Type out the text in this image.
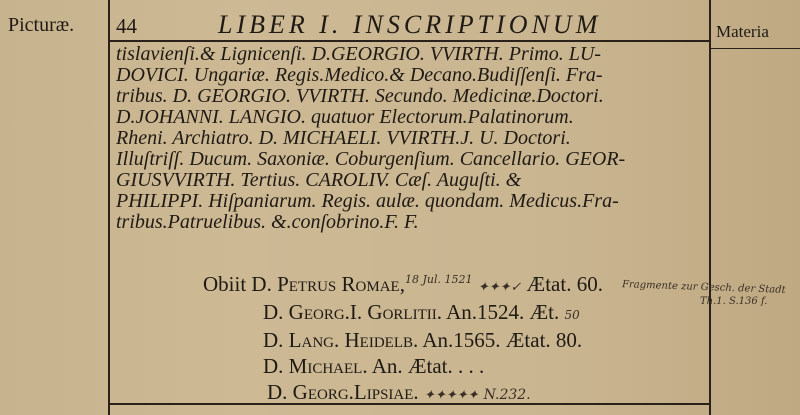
Picturæ.	Materia
44	LIBER I. INSCRIPTIONUM
tislavienſi.& Lignicenſi. D.GEORGIO. VVIRTH. Primo. LU-
DOVICI. Ungariæ. Regis.Medico.& Decano.Budiſſenſi. Fra-
tribus. D. GEORGIO. VVIRTH. Secundo. Medicinæ.Doctori.
D.JOHANNI. LANGIO. quatuor Electorum.Palatinorum.
Rheni. Archiatro. D. MICHAELI. VVIRTH.J. U. Doctori.
Illuſtriſſ. Ducum. Saxoniæ. Coburgenſium. Cancellario. GEOR-
GIUSVVIRTH. Tertius. CAROLIV. Cæſ. Auguſti. &
PHILIPPI. Hiſpaniarum. Regis. aulæ. quondam. Medicus.Fra-
tribus.Patruelibus. &.conſobrino.F. F.
Obiit D. Petrus Romae,$^{18 Jul. 1521}$ ✦✦✦✓ Ætat. 60.
D. Georg.I. Gorlitii. An.1524. Æt. 50
D. Lang. Heidelb. An.1565. Ætat. 80.
D. Michael. An. Ætat. . . .
D. Georg.Lipsiae. ✦✦✦✦✦ N.232.
Fragmente zur Gesch. der Stadt
Th.1. S.136 f.
